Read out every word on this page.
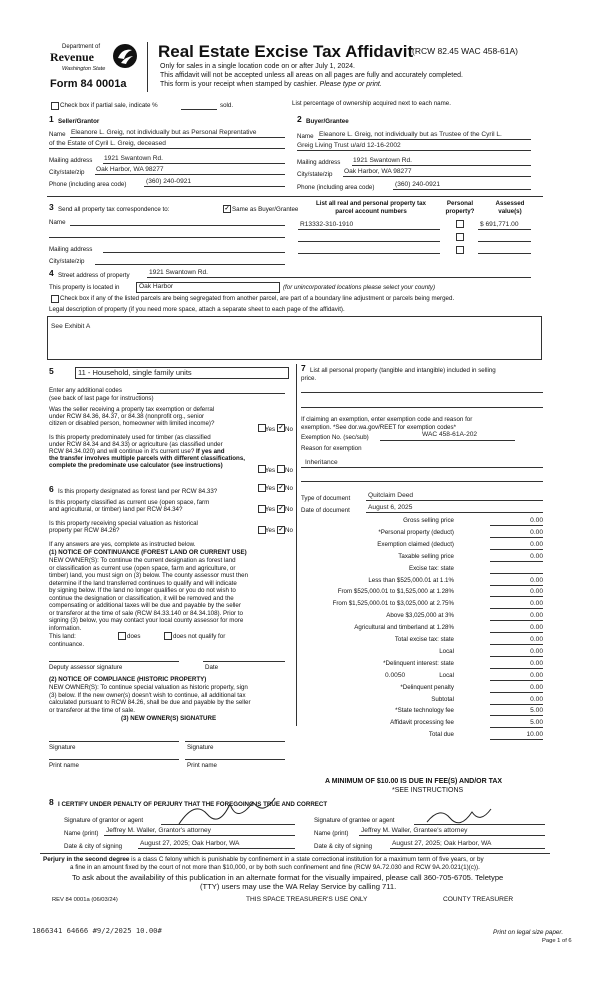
Department of
Revenue
Washington State
Form 84 0001a
Real Estate Excise Tax Affidavit
(RCW 82.45 WAC 458-61A)
Only for sales in a single location code on or after July 1, 2024.
This affidavit will not be accepted unless all areas on all pages are fully and accurately completed.
This form is your receipt when stamped by cashier. Please type or print.
Check box if partial sale, indicate %	sold.	List percentage of ownership acquired next to each name.
1 Seller/Grantor
Name Eleanore L. Greig, not individually but as Personal Reprentative
of the Estate of Cyril L. Greig, deceased
Mailing address 1921 Swantown Rd.
City/state/zip Oak Harbor, WA 98277
Phone (including area code)	(360) 240-0921
2 Buyer/Grantee
Name Eleanore L. Greig, not individually but as Trustee of the Cyril L.
Greig Living Trust u/a/d 12-16-2002
Mailing address 1921 Swantown Rd.
City/state/zip Oak Harbor, WA 98277
Phone (including area code)	(360) 240-0921
3 Send all property tax correspondence to:	✓ Same as Buyer/Grantee
Name
Mailing address
City/state/zip
List all real and personal property tax
parcel account numbers
Personal
property?
Assessed
value(s)
R13332-310-1910	$ 691,771.00
4 Street address of property	1921 Swantown Rd.
This property is located in	Oak Harbor	(for unincorporated locations please select your county)
Check box if any of the listed parcels are being segregated from another parcel, are part of a boundary line adjustment or parcels being merged.
Legal description of property (if you need more space, attach a separate sheet to each page of the affidavit).
See Exhibit A
5	11 - Household, single family units
Enter any additional codes
(see back of last page for instructions)
Was the seller receiving a property tax exemption or deferral
under RCW 84.36, 84.37, or 84.38 (nonprofit org., senior
citizen or disabled person, homeowner with limited income)?
Yes ✓ No
Is this property predominately used for timber (as classified
under RCW 84.34 and 84.33) or agriculture (as classified under
RCW 84.34.020) and will continue in it's current use? If yes and
the transfer involves multiple parcels with different classifications,
complete the predominate use calculator (see instructions)
Yes No
6 Is this property designated as forest land per RCW 84.33?	Yes ✓ No
Is this property classified as current use (open space, farm
and agricultural, or timber) land per RCW 84.34?	Yes ✓ No
Is this property receiving special valuation as historical
property per RCW 84.26?	Yes ✓ No
If any answers are yes, complete as instructed below.
(1) NOTICE OF CONTINUANCE (FOREST LAND OR CURRENT USE)
NEW OWNER(S): To continue the current designation as forest land
or classification as current use (open space, farm and agriculture, or
timber) land, you must sign on (3) below. The county assessor must then
determine if the land transferred continues to qualify and will indicate
by signing below. If the land no longer qualifies or you do not wish to
continue the designation or classification, it will be removed and the
compensating or additional taxes will be due and payable by the seller
or transferor at the time of sale (RCW 84.33.140 or 84.34.108). Prior to
signing (3) below, you may contact your local county assessor for more
information.
This land:	does	does not qualify for
continuance.
Deputy assessor signature	Date
(2) NOTICE OF COMPLIANCE (HISTORIC PROPERTY)
NEW OWNER(S): To continue special valuation as historic property, sign
(3) below. If the new owner(s) doesn't wish to continue, all additional tax
calculated pursuant to RCW 84.26, shall be due and payable by the seller
or transferor at the time of sale.
(3) NEW OWNER(S) SIGNATURE
Signature	Signature
Print name	Print name
7 List all personal property (tangible and intangible) included in selling
price.
If claiming an exemption, enter exemption code and reason for
exemption. *See dor.wa.gov/REET for exemption codes*
Exemption No. (sec/sub)	WAC 458-61A-202
Reason for exemption
Inheritance
Type of document	Quitclaim Deed
Date of document	August 6, 2025
Gross selling price	0.00
*Personal property (deduct)	0.00
Exemption claimed (deduct)	0.00
Taxable selling price	0.00
Excise tax: state
Less than $525,000.01 at 1.1%	0.00
From $525,000.01 to $1,525,000 at 1.28%	0.00
From $1,525,000.01 to $3,025,000 at 2.75%	0.00
Above $3,025,000 at 3%	0.00
Agricultural and timberland at 1.28%	0.00
Total excise tax: state	0.00
Local	0.00
*Delinquent interest: state	0.00
Local	0.00
*Delinquent penalty	0.00
Subtotal	0.00
*State technology fee	5.00
Affidavit processing fee	5.00
Total due	10.00
0.0050
A MINIMUM OF $10.00 IS DUE IN FEE(S) AND/OR TAX
*SEE INSTRUCTIONS
8 I CERTIFY UNDER PENALTY OF PERJURY THAT THE FOREGOING IS TRUE AND CORRECT
Signature of grantor or agent
Name (print) Jeffrey M. Waller, Grantor's attorney
Date & city of signing	August 27, 2025; Oak Harbor, WA
Signature of grantee or agent
Name (print) Jeffrey M. Waller, Grantee's attorney
Date & city of signing	August 27, 2025; Oak Harbor, WA
Perjury in the second degree is a class C felony which is punishable by confinement in a state correctional institution for a maximum term of five years, or by
a fine in an amount fixed by the court of not more than $10,000, or by both such confinement and fine (RCW 9A.72.030 and RCW 9A.20.021(1)(c)).
To ask about the availability of this publication in an alternate format for the visually impaired, please call 360-705-6705. Teletype
(TTY) users may use the WA Relay Service by calling 711.
REV 84 0001a (06/03/24)	THIS SPACE TREASURER'S USE ONLY	COUNTY TREASURER
1866341 64666 #9/2/2025 10.00#	Print on legal size paper.
Page 1 of 6
